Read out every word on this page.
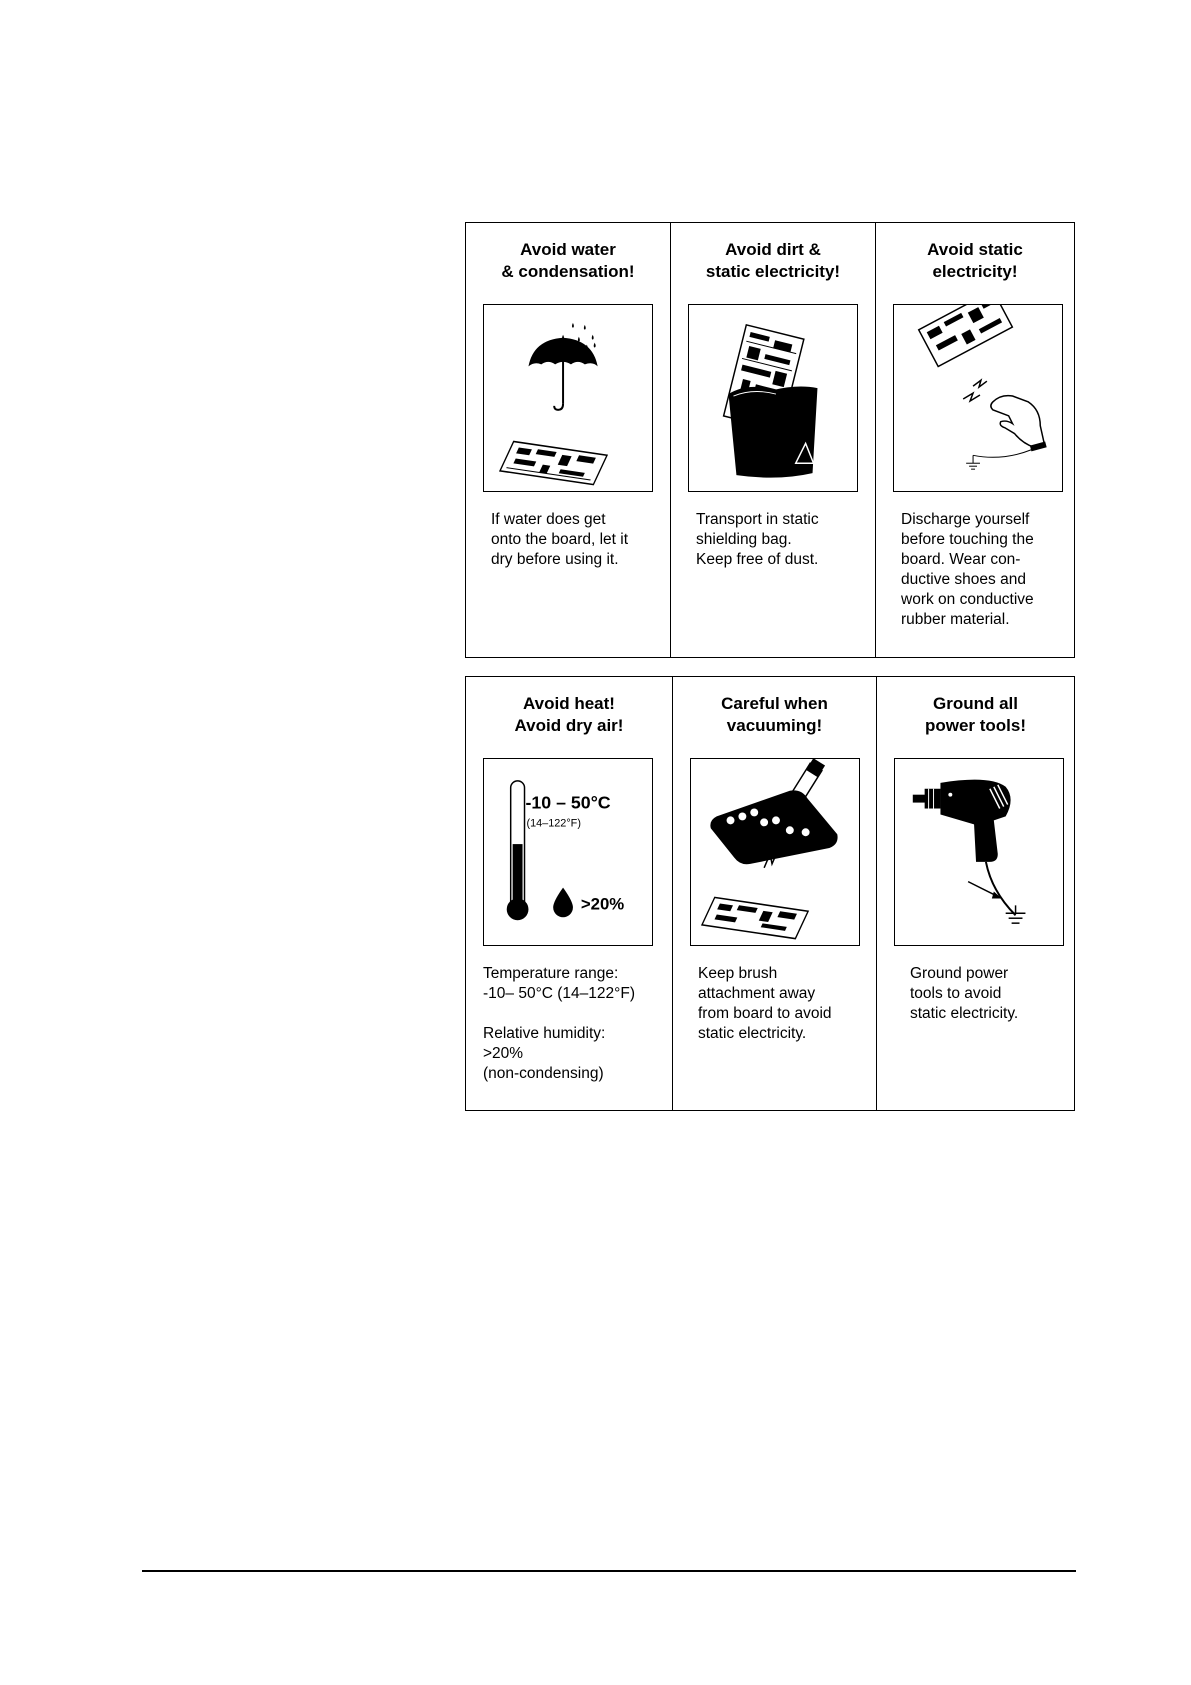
Avoid water
& condensation!
If water does get
onto the board, let it
dry before using it.
Avoid dirt &
static electricity!
Transport in static
shielding bag.
Keep free of dust.
Avoid static
electricity!
Discharge yourself
before touching the
board. Wear con-
ductive shoes and
work on conductive
rubber material.
Avoid heat!
Avoid dry air!
-10 – 50°C
(14–122°F)
>20%
Temperature range:
-10– 50°C (14–122°F)
Relative humidity:
>20%
(non-condensing)
Careful when
vacuuming!
Keep brush
attachment away
from board to avoid
static electricity.
Ground all
power tools!
Ground power
tools to avoid
static electricity.
